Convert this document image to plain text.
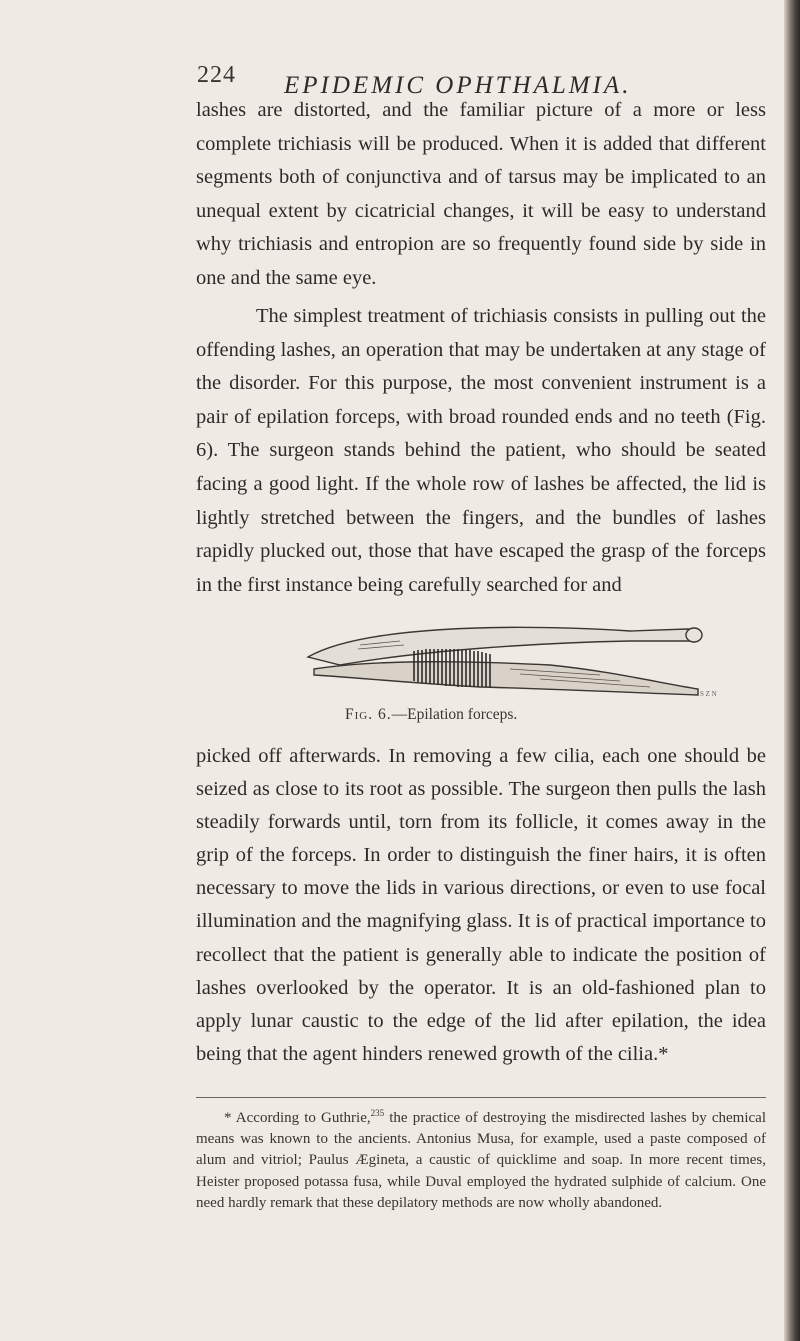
224 EPIDEMIC OPHTHALMIA.

lashes are distorted, and the familiar picture of a more or less complete trichiasis will be produced. When it is added that different segments both of conjunctiva and of tarsus may be implicated to an unequal extent by cicatricial changes, it will be easy to understand why trichiasis and entropion are so frequently found side by side in one and the same eye.

The simplest treatment of trichiasis consists in pulling out the offending lashes, an operation that may be undertaken at any stage of the disorder. For this purpose, the most convenient instrument is a pair of epilation forceps, with broad rounded ends and no teeth (Fig. 6). The surgeon stands behind the patient, who should be seated facing a good light. If the whole row of lashes be affected, the lid is lightly stretched between the fingers, and the bundles of lashes rapidly plucked out, those that have escaped the grasp of the forceps in the first instance being carefully searched for and

S Z N
Fig. 6.—Epilation forceps.

picked off afterwards. In removing a few cilia, each one should be seized as close to its root as possible. The surgeon then pulls the lash steadily forwards until, torn from its follicle, it comes away in the grip of the forceps. In order to distinguish the finer hairs, it is often necessary to move the lids in various directions, or even to use focal illumination and the magnifying glass. It is of practical importance to recollect that the patient is generally able to indicate the position of lashes overlooked by the operator. It is an old-fashioned plan to apply lunar caustic to the edge of the lid after epilation, the idea being that the agent hinders renewed growth of the cilia.*

* According to Guthrie,$^{235}$ the practice of destroying the misdirected lashes by chemical means was known to the ancients. Antonius Musa, for example, used a paste composed of alum and vitriol; Paulus Ægineta, a caustic of quicklime and soap. In more recent times, Heister proposed potassa fusa, while Duval employed the hydrated sulphide of calcium. One need hardly remark that these depilatory methods are now wholly abandoned.
